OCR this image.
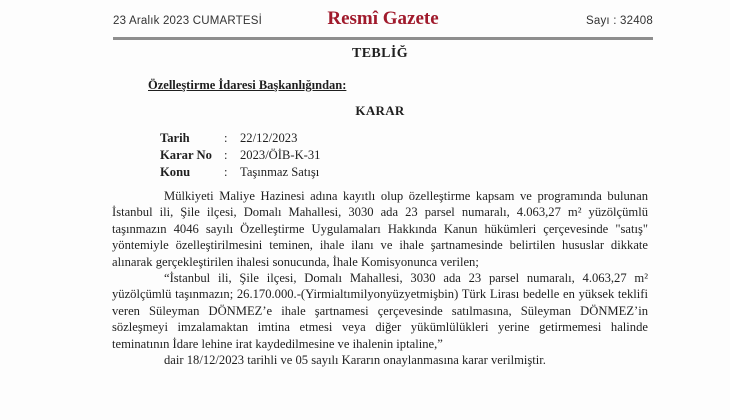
23 Aralık 2023 CUMARTESİ	Resmî Gazete	Sayı : 32408
TEBLİĞ
Özelleştirme İdaresi Başkanlığından:
KARAR
Tarih	: 22/12/2023
Karar No : 2023/ÖİB-K-31
Konu	: Taşınmaz Satışı

Mülkiyeti Maliye Hazinesi adına kayıtlı olup özelleştirme kapsam ve programında bulunan İstanbul ili, Şile ilçesi, Domalı Mahallesi, 3030 ada 23 parsel numaralı, 4.063,27 m² yüzölçümlü taşınmazın 4046 sayılı Özelleştirme Uygulamaları Hakkında Kanun hükümleri çerçevesinde "satış" yöntemiyle özelleştirilmesini teminen, ihale ilanı ve ihale şartnamesinde belirtilen hususlar dikkate alınarak gerçekleştirilen ihalesi sonucunda, İhale Komisyonunca verilen;

“İstanbul ili, Şile ilçesi, Domalı Mahallesi, 3030 ada 23 parsel numaralı, 4.063,27 m² yüzölçümlü taşınmazın; 26.170.000.-(Yirmialtımilyonyüzyetmişbin) Türk Lirası bedelle en yüksek teklifi veren Süleyman DÖNMEZ’e ihale şartnamesi çerçevesinde satılmasına, Süleyman DÖNMEZ’in sözleşmeyi imzalamaktan imtina etmesi veya diğer yükümlülükleri yerine getirmemesi halinde teminatının İdare lehine irat kaydedilmesine ve ihalenin iptaline,”

dair 18/12/2023 tarihli ve 05 sayılı Kararın onaylanmasına karar verilmiştir.
